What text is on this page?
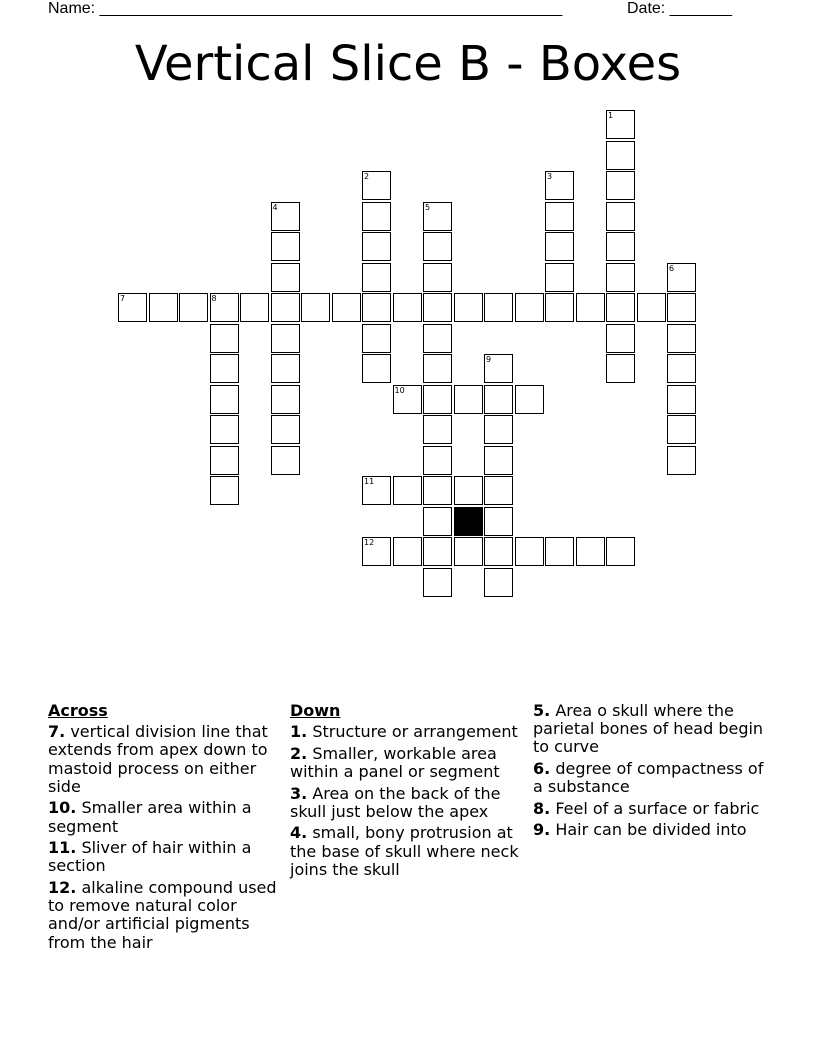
Name: ____________________________________________________	Date: _______
Vertical Slice B - Boxes
1
2	3
4	5
6
7	8
9
10
11
12
Across
7. vertical division line that extends from apex down to mastoid process on either side
10. Smaller area within a segment
11. Sliver of hair within a section
12. alkaline compound used to remove natural color and/or artificial pigments from the hair
Down
1. Structure or arrangement
2. Smaller, workable area within a panel or segment
3. Area on the back of the skull just below the apex
4. small, bony protrusion at the base of skull where neck joins the skull
5. Area o skull where the parietal bones of head begin to curve
6. degree of compactness of a substance
8. Feel of a surface or fabric
9. Hair can be divided into
